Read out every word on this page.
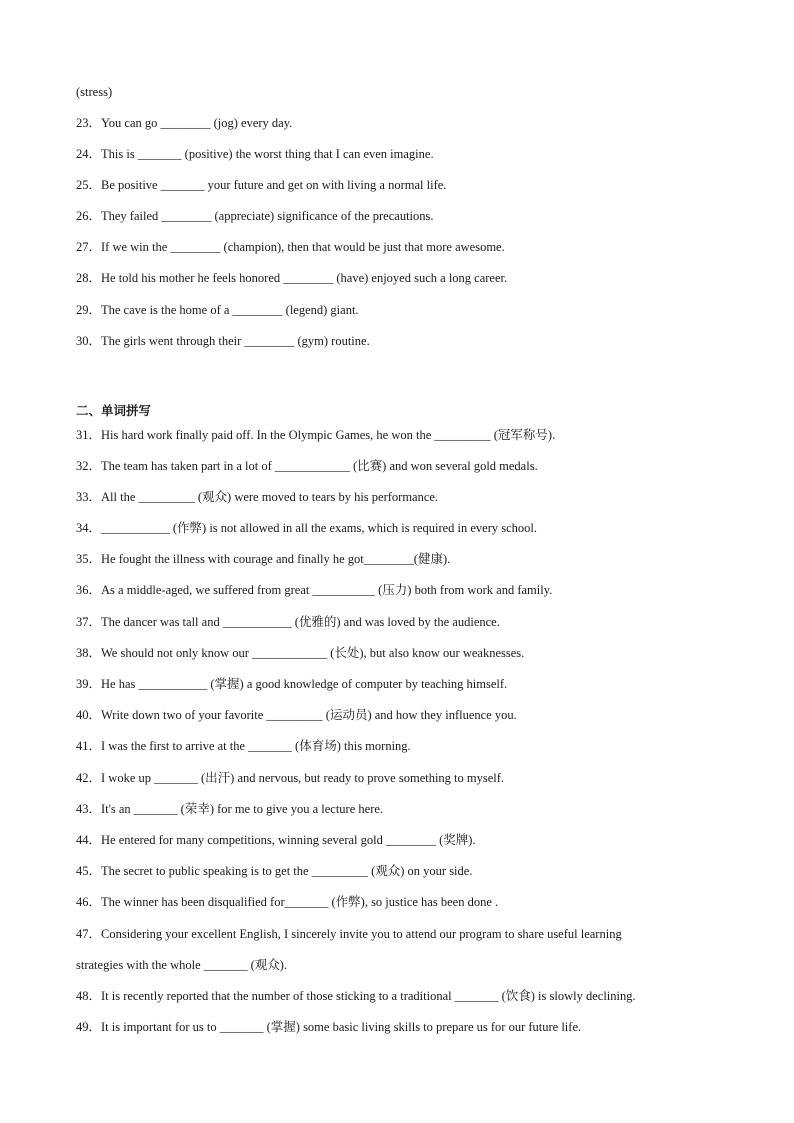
(stress)
23．You can go ________ (jog) every day.
24．This is _______ (positive) the worst thing that I can even imagine.
25．Be positive _______ your future and get on with living a normal life.
26．They failed ________ (appreciate) significance of the precautions.
27．If we win the ________ (champion), then that would be just that more awesome.
28．He told his mother he feels honored ________ (have) enjoyed such a long career.
29．The cave is the home of a ________ (legend) giant.
30．The girls went through their ________ (gym) routine.
二、单词拼写
31．His hard work finally paid off. In the Olympic Games, he won the _________ (冠军称号).
32．The team has taken part in a lot of ____________ (比赛) and won several gold medals.
33．All the _________ (观众) were moved to tears by his performance.
34．___________ (作弊) is not allowed in all the exams, which is required in every school.
35．He fought the illness with courage and finally he got________(健康).
36．As a middle-aged, we suffered from great __________ (压力) both from work and family.
37．The dancer was tall and ___________ (优雅的) and was loved by the audience.
38．We should not only know our ____________ (长处), but also know our weaknesses.
39．He has ___________ (掌握) a good knowledge of computer by teaching himself.
40．Write down two of your favorite _________ (运动员) and how they influence you.
41．I was the first to arrive at the _______ (体育场) this morning.
42．I woke up _______ (出汗) and nervous, but ready to prove something to myself.
43．It's an _______ (荣幸) for me to give you a lecture here.
44．He entered for many competitions, winning several gold ________ (奖牌).
45．The secret to public speaking is to get the _________ (观众) on your side.
46．The winner has been disqualified for_______ (作弊), so justice has been done .
47．Considering your excellent English, I sincerely invite you to attend our program to share useful learning
strategies with the whole _______ (观众).
48．It is recently reported that the number of those sticking to a traditional _______ (饮食) is slowly declining.
49．It is important for us to _______ (掌握) some basic living skills to prepare us for our future life.
